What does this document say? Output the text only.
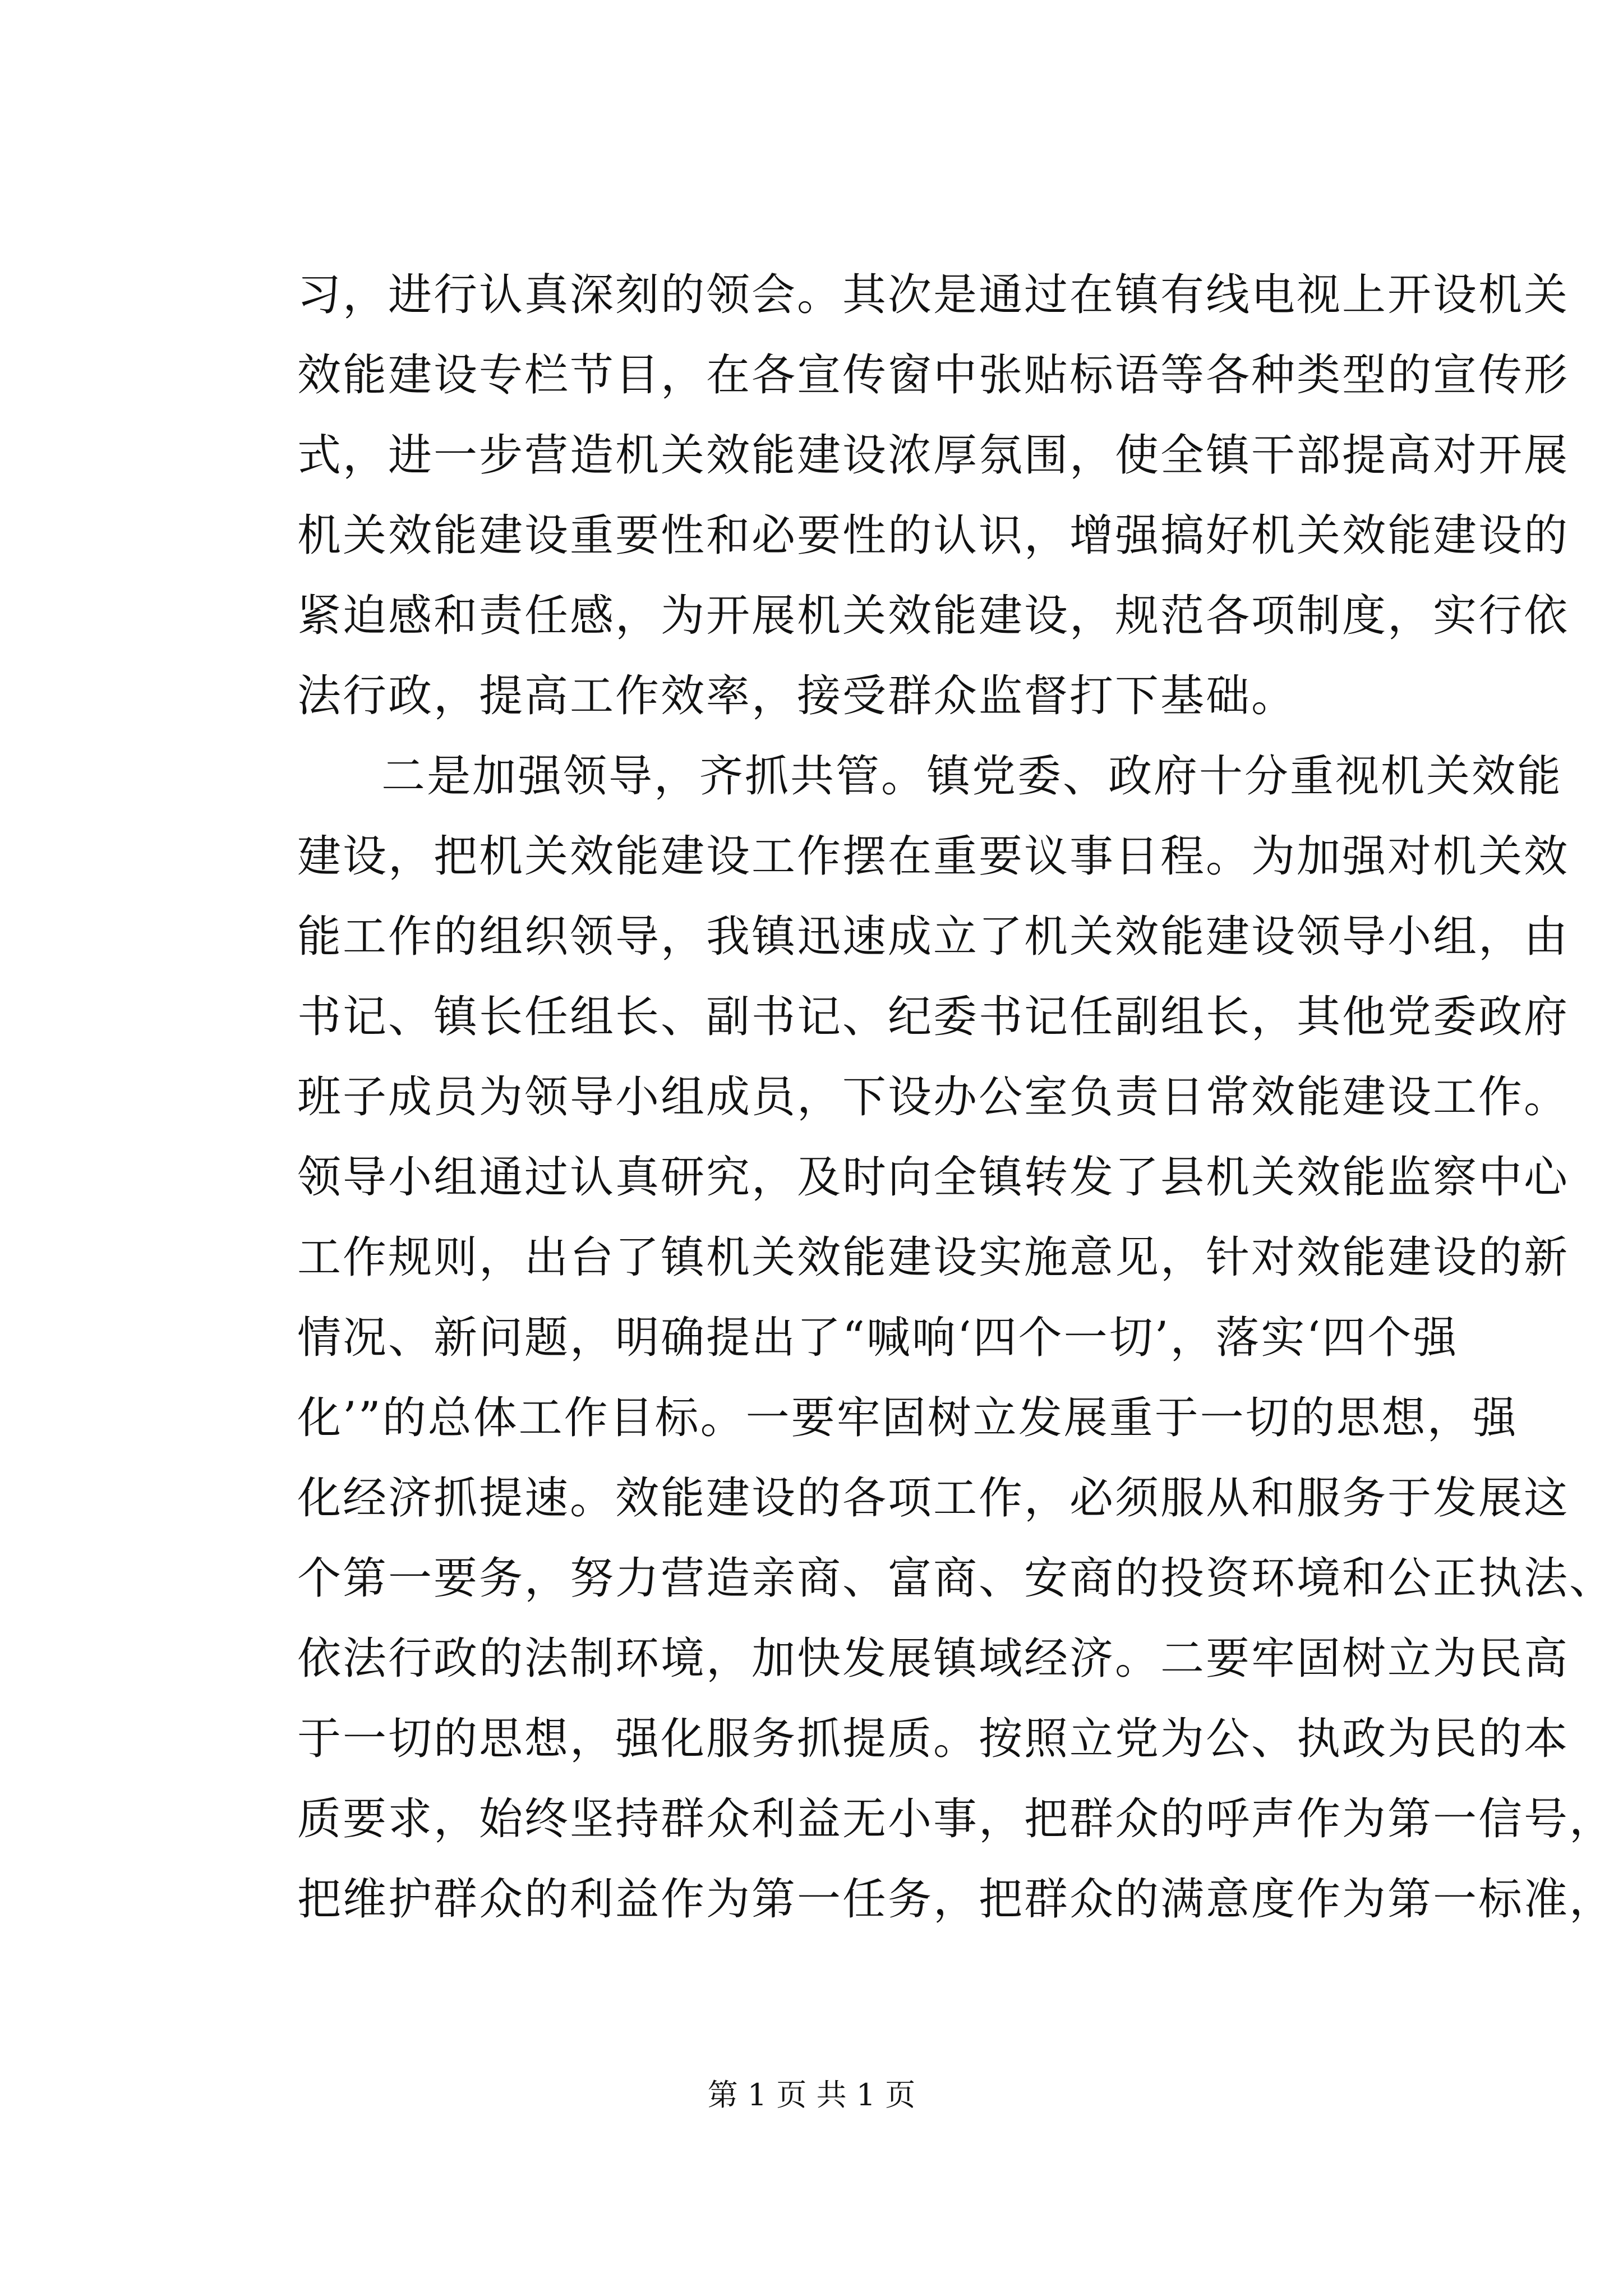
习，进行认真深刻的领会。其次是通过在镇有线电视上开设机关
效能建设专栏节目，在各宣传窗中张贴标语等各种类型的宣传形
式，进一步营造机关效能建设浓厚氛围，使全镇干部提高对开展
机关效能建设重要性和必要性的认识，增强搞好机关效能建设的
紧迫感和责任感，为开展机关效能建设，规范各项制度，实行依
法行政，提高工作效率，接受群众监督打下基础。
二是加强领导，齐抓共管。镇党委、政府十分重视机关效能
建设，把机关效能建设工作摆在重要议事日程。为加强对机关效
能工作的组织领导，我镇迅速成立了机关效能建设领导小组，由
书记、镇长任组长、副书记、纪委书记任副组长，其他党委政府
班子成员为领导小组成员，下设办公室负责日常效能建设工作。
领导小组通过认真研究，及时向全镇转发了县机关效能监察中心
工作规则，出台了镇机关效能建设实施意见，针对效能建设的新
情况、新问题，明确提出了“喊响‘四个一切’，落实‘四个强
化’”的总体工作目标。一要牢固树立发展重于一切的思想，强
化经济抓提速。效能建设的各项工作，必须服从和服务于发展这
个第一要务，努力营造亲商、富商、安商的投资环境和公正执法、
依法行政的法制环境，加快发展镇域经济。二要牢固树立为民高
于一切的思想，强化服务抓提质。按照立党为公、执政为民的本
质要求，始终坚持群众利益无小事，把群众的呼声作为第一信号，
把维护群众的利益作为第一任务，把群众的满意度作为第一标准，
第 1 页 共 1 页
